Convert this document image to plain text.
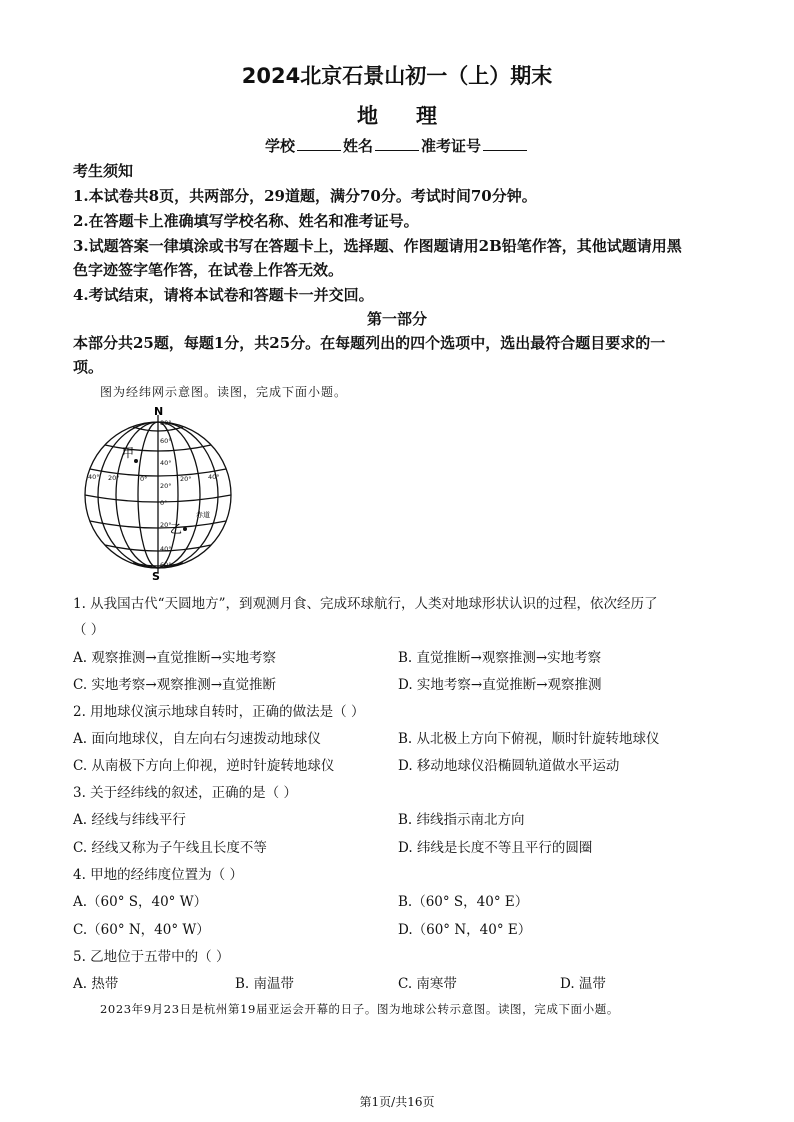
2024北京石景山初一（上）期末
地理
学校	姓名	准考证号
考生须知
1.本试卷共8页，共两部分，29道题，满分70分。考试时间70分钟。
2.在答题卡上准确填写学校名称、姓名和准考证号。
3.试题答案一律填涂或书写在答题卡上，选择题、作图题请用2B铅笔作答，其他试题请用黑
色字迹签字笔作答，在试卷上作答无效。
4.考试结束，请将本试卷和答题卡一并交回。
第一部分
本部分共25题，每题1分，共25分。在每题列出的四个选项中，选出最符合题目要求的一
项。
图为经纬网示意图。读图，完成下面小题。
N
S
80°
60°
40°
20°
0°
20°
40°
60°
40° 20°	0°	20°	40°
甲
乙
赤道
1. 从我国古代“天圆地方”，到观测月食、完成环球航行，人类对地球形状认识的过程，依次经历了
（ ）
A. 观察推测→直觉推断→实地考察	B. 直觉推断→观察推测→实地考察
C. 实地考察→观察推测→直觉推断	D. 实地考察→直觉推断→观察推测
2. 用地球仪演示地球自转时，正确的做法是（ ）
A. 面向地球仪，自左向右匀速拨动地球仪	B. 从北极上方向下俯视，顺时针旋转地球仪
C. 从南极下方向上仰视，逆时针旋转地球仪	D. 移动地球仪沿椭圆轨道做水平运动
3. 关于经纬线的叙述，正确的是（ ）
A. 经线与纬线平行	B. 纬线指示南北方向
C. 经线又称为子午线且长度不等	D. 纬线是长度不等且平行的圆圈
4. 甲地的经纬度位置为（ ）
A.（60° S，40° W）	B.（60° S，40° E）
C.（60° N，40° W）	D.（60° N，40° E）
5. 乙地位于五带中的（ ）
A. 热带	B. 南温带	C. 南寒带	D. 温带
2023年9月23日是杭州第19届亚运会开幕的日子。图为地球公转示意图。读图，完成下面小题。
第1页/共16页
